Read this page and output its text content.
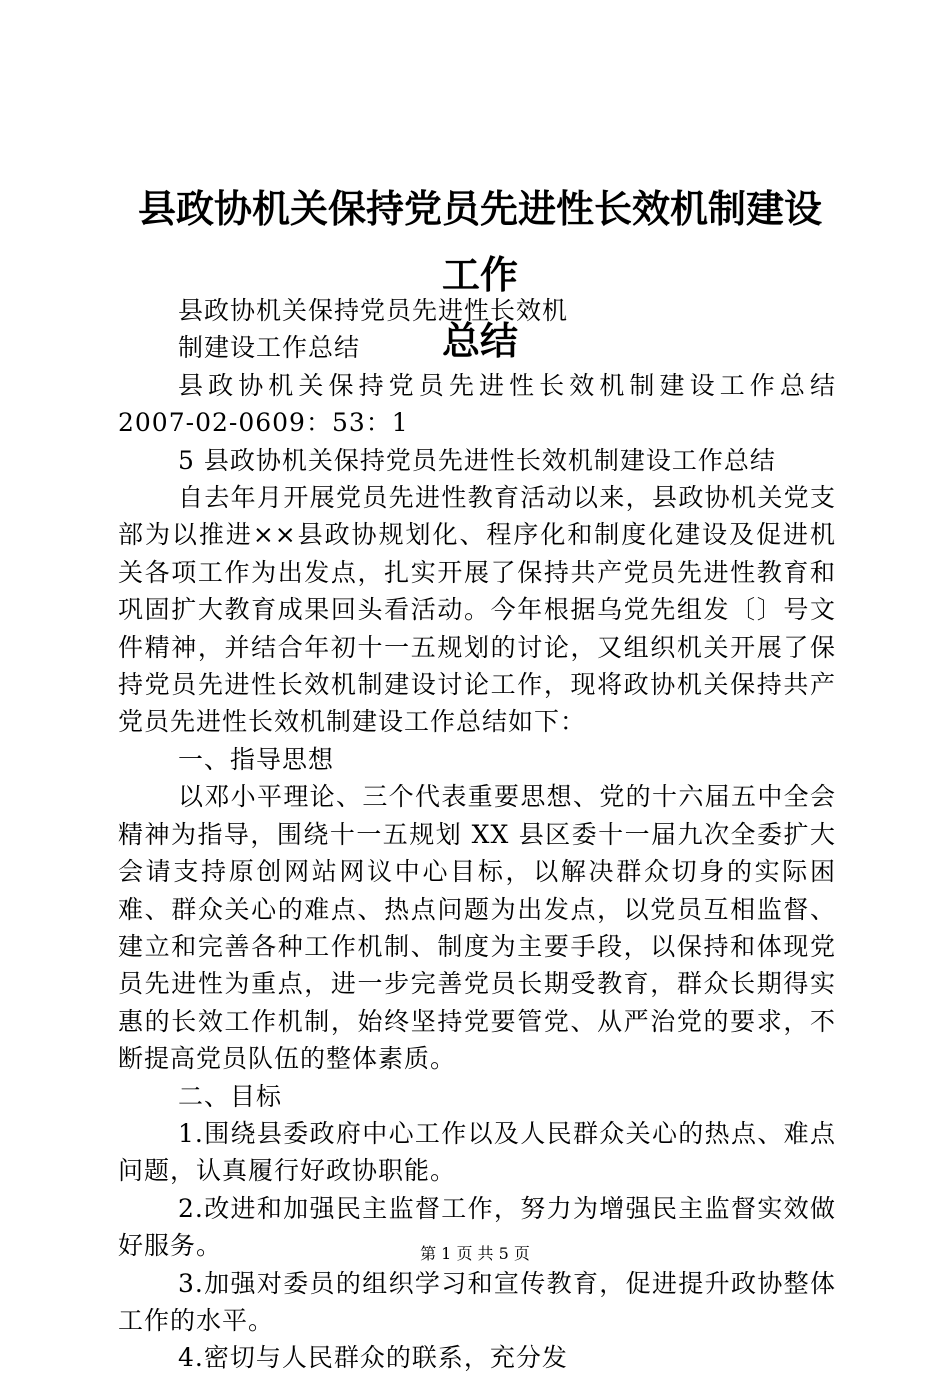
县政协机关保持党员先进性长效机制建设工作
总结

县政协机关保持党员先进性长效机

制建设工作总结

县政协机关保持党员先进性长效机制建设工作总结 2007-02-0609：53：1

5 县政协机关保持党员先进性长效机制建设工作总结

自去年月开展党员先进性教育活动以来，县政协机关党支部为以推进××县政协规划化、程序化和制度化建设及促进机关各项工作为出发点，扎实开展了保持共产党员先进性教育和巩固扩大教育成果回头看活动。今年根据乌党先组发〔〕号文件精神，并结合年初十一五规划的讨论，又组织机关开展了保持党员先进性长效机制建设讨论工作，现将政协机关保持共产党员先进性长效机制建设工作总结如下：

一、指导思想

以邓小平理论、三个代表重要思想、党的十六届五中全会精神为指导，围绕十一五规划 XX 县区委十一届九次全委扩大会请支持原创网站网议中心目标，以解决群众切身的实际困难、群众关心的难点、热点问题为出发点，以党员互相监督、建立和完善各种工作机制、制度为主要手段，以保持和体现党员先进性为重点，进一步完善党员长期受教育，群众长期得实惠的长效工作机制，始终坚持党要管党、从严治党的要求，不断提高党员队伍的整体素质。

二、目标

1.围绕县委政府中心工作以及人民群众关心的热点、难点问题，认真履行好政协职能。

2.改进和加强民主监督工作，努力为增强民主监督实效做好服务。

3.加强对委员的组织学习和宣传教育，促进提升政协整体工作的水平。

4.密切与人民群众的联系，充分发

第 1 页 共 5 页
